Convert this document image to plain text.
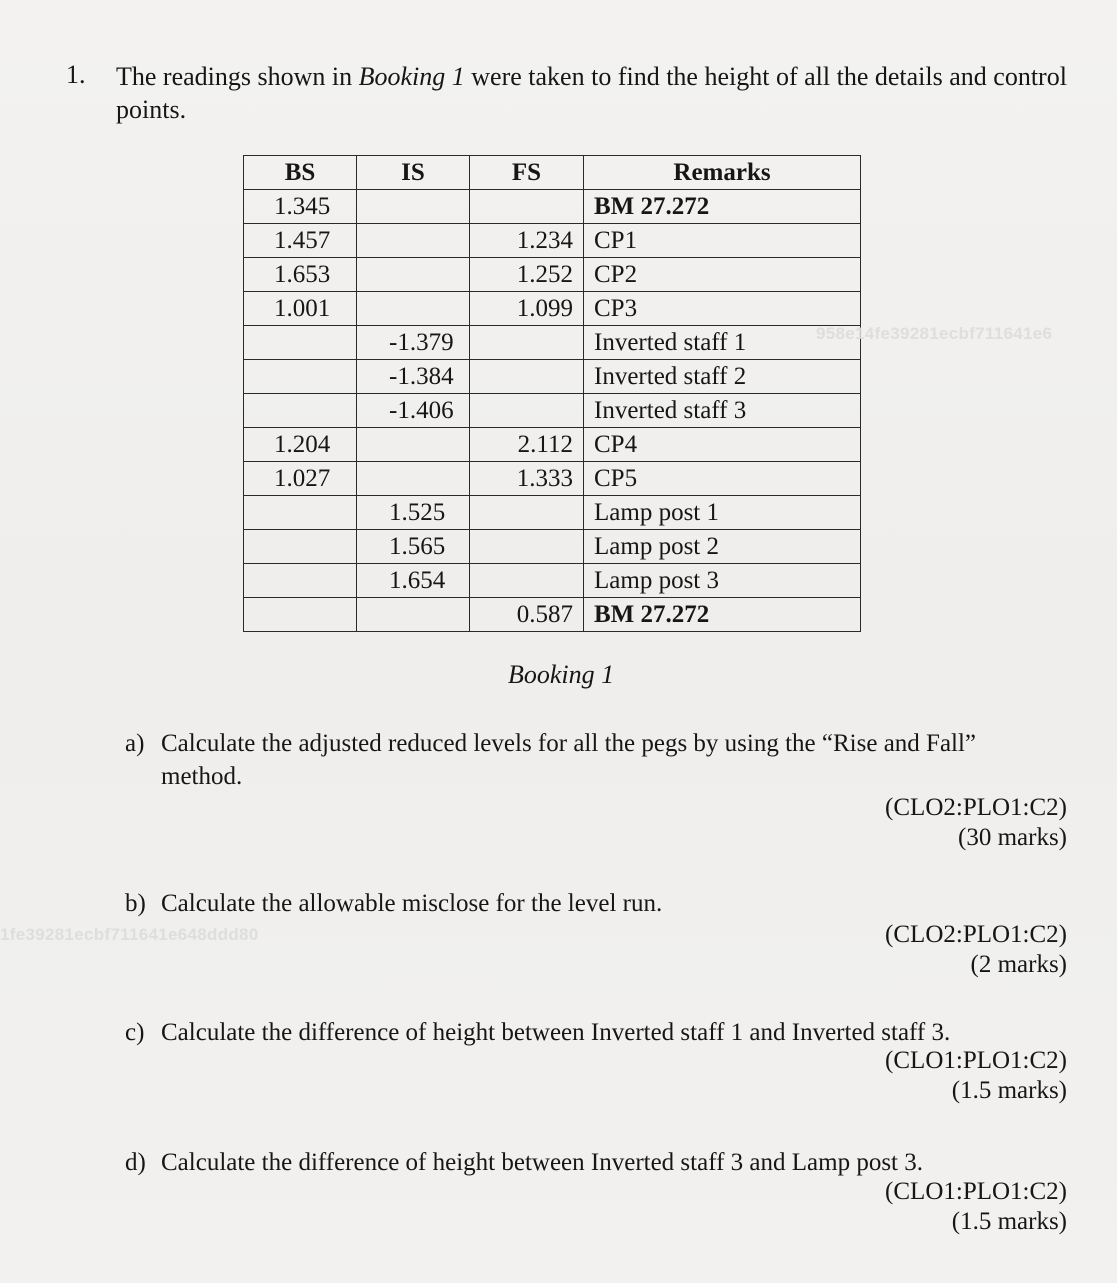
1. The readings shown in Booking 1 were taken to find the height of all the details and control points.
BS	IS	FS	Remarks
1.345			BM 27.272
1.457		1.234	CP1
1.653		1.252	CP2
1.001		1.099	CP3
	-1.379		Inverted staff 1
	-1.384		Inverted staff 2
	-1.406		Inverted staff 3
1.204		2.112	CP4
1.027		1.333	CP5
	1.525		Lamp post 1
	1.565		Lamp post 2
	1.654		Lamp post 3
		0.587	BM 27.272
Booking 1
958e14fe39281ecbf711641e6
1fe39281ecbf711641e648ddd80
a) Calculate the adjusted reduced levels for all the pegs by using the “Rise and Fall” method.
(CLO2:PLO1:C2)
(30 marks)
b) Calculate the allowable misclose for the level run.
(CLO2:PLO1:C2)
(2 marks)
c) Calculate the difference of height between Inverted staff 1 and Inverted staff 3.
(CLO1:PLO1:C2)
(1.5 marks)
d) Calculate the difference of height between Inverted staff 3 and Lamp post 3.
(CLO1:PLO1:C2)
(1.5 marks)
